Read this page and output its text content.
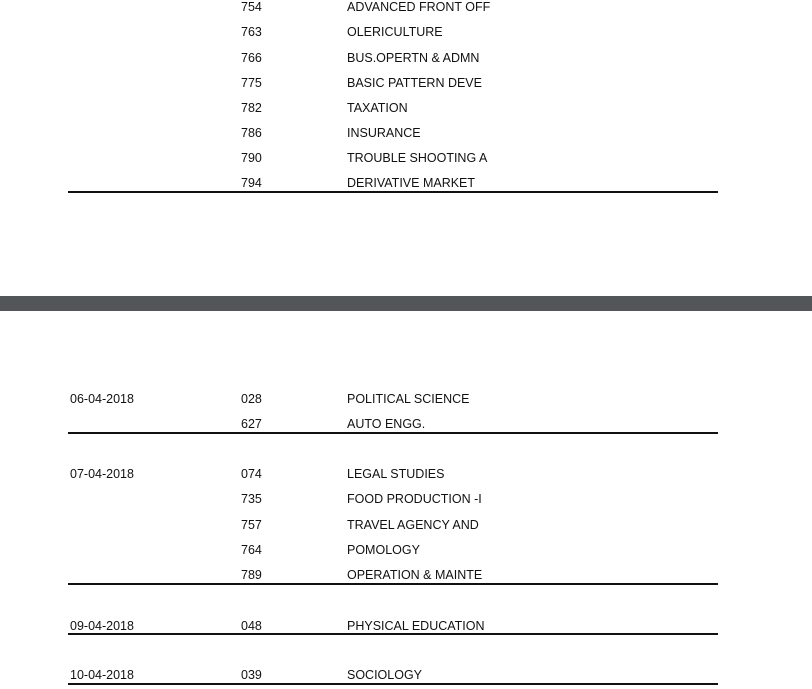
754	ADVANCED FRONT OFF
763	OLERICULTURE
766	BUS.OPERTN & ADMN
775	BASIC PATTERN DEVE
782	TAXATION
786	INSURANCE
790	TROUBLE SHOOTING A
794	DERIVATIVE MARKET
06-04-2018	028	POLITICAL SCIENCE
627	AUTO ENGG.
07-04-2018	074	LEGAL STUDIES
735	FOOD PRODUCTION -I
757	TRAVEL AGENCY AND
764	POMOLOGY
789	OPERATION & MAINTE
09-04-2018	048	PHYSICAL EDUCATION
10-04-2018	039	SOCIOLOGY
